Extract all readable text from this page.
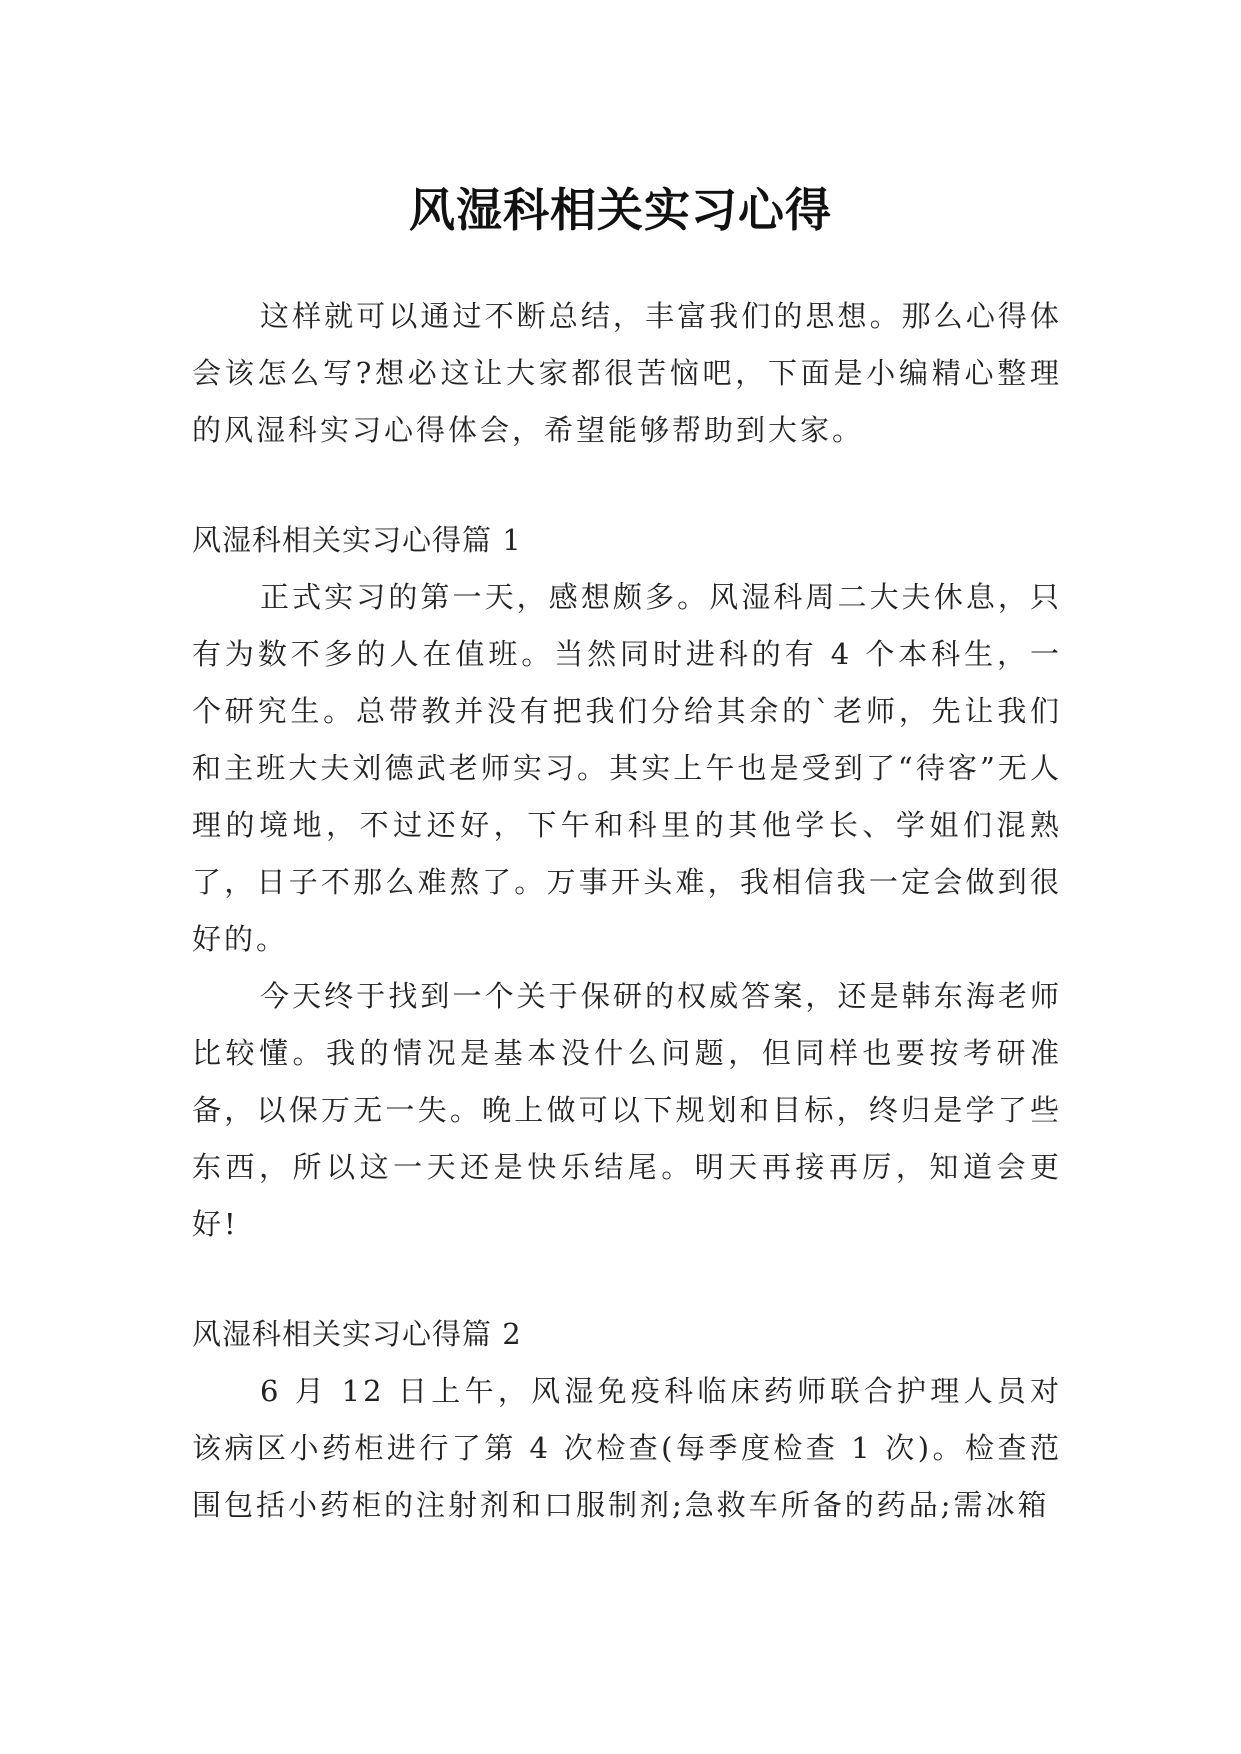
风湿科相关实习心得

这样就可以通过不断总结，丰富我们的思想。那么心得体会该怎么写?想必这让大家都很苦恼吧，下面是小编精心整理的风湿科实习心得体会，希望能够帮助到大家。

风湿科相关实习心得篇 1

正式实习的第一天，感想颇多。风湿科周二大夫休息，只有为数不多的人在值班。当然同时进科的有 4 个本科生，一个研究生。总带教并没有把我们分给其余的`老师，先让我们和主班大夫刘德武老师实习。其实上午也是受到了“待客”无人理的境地，不过还好，下午和科里的其他学长、学姐们混熟了，日子不那么难熬了。万事开头难，我相信我一定会做到很好的。

今天终于找到一个关于保研的权威答案，还是韩东海老师比较懂。我的情况是基本没什么问题，但同样也要按考研准备，以保万无一失。晚上做可以下规划和目标，终归是学了些东西，所以这一天还是快乐结尾。明天再接再厉，知道会更好!

风湿科相关实习心得篇 2

6 月 12 日上午，风湿免疫科临床药师联合护理人员对该病区小药柜进行了第 4 次检查(每季度检查 1 次)。检查范围包括小药柜的注射剂和口服制剂;急救车所备的药品;需冰箱
